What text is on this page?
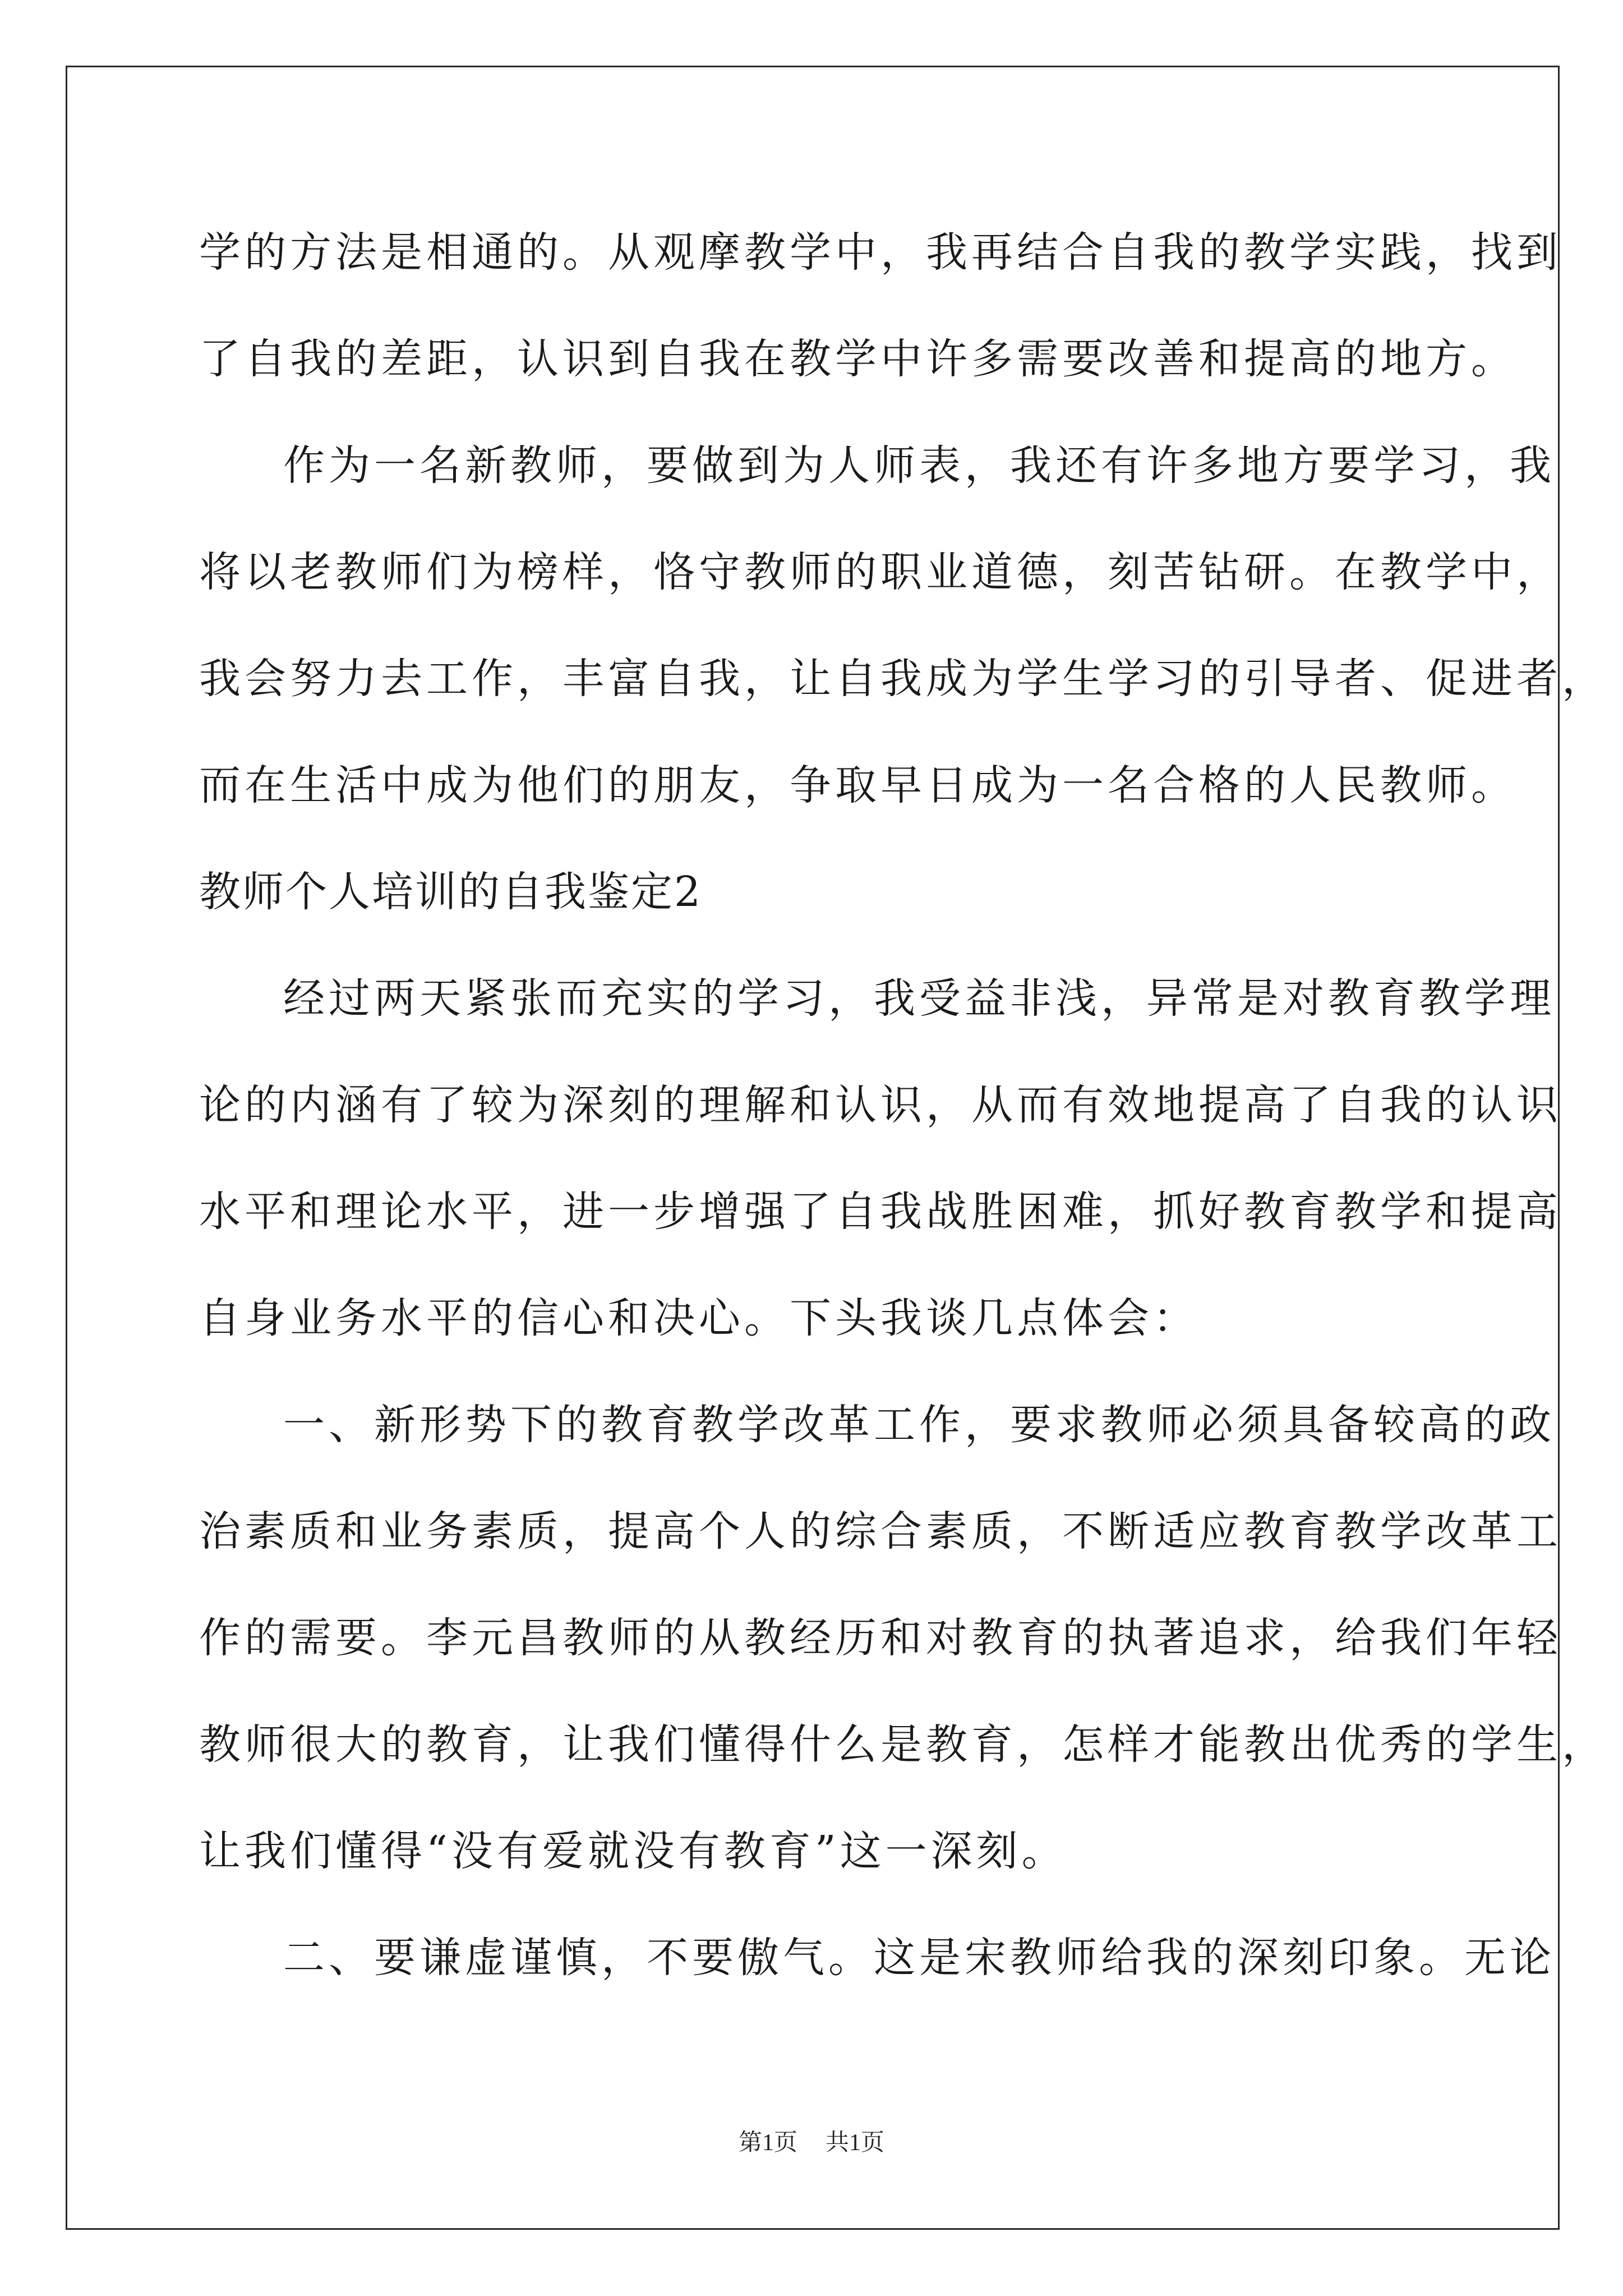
学的方法是相通的。从观摩教学中，我再结合自我的教学实践，找到
了自我的差距，认识到自我在教学中许多需要改善和提高的地方。
作为一名新教师，要做到为人师表，我还有许多地方要学习，我
将以老教师们为榜样，恪守教师的职业道德，刻苦钻研。在教学中，
我会努力去工作，丰富自我，让自我成为学生学习的引导者、促进者，
而在生活中成为他们的朋友，争取早日成为一名合格的人民教师。
教师个人培训的自我鉴定2
经过两天紧张而充实的学习，我受益非浅，异常是对教育教学理
论的内涵有了较为深刻的理解和认识，从而有效地提高了自我的认识
水平和理论水平，进一步增强了自我战胜困难，抓好教育教学和提高
自身业务水平的信心和决心。下头我谈几点体会：
一、新形势下的教育教学改革工作，要求教师必须具备较高的政
治素质和业务素质，提高个人的综合素质，不断适应教育教学改革工
作的需要。李元昌教师的从教经历和对教育的执著追求，给我们年轻
教师很大的教育，让我们懂得什么是教育，怎样才能教出优秀的学生，
让我们懂得“没有爱就没有教育”这一深刻。
二、要谦虚谨慎，不要傲气。这是宋教师给我的深刻印象。无论
第1页 共1页
